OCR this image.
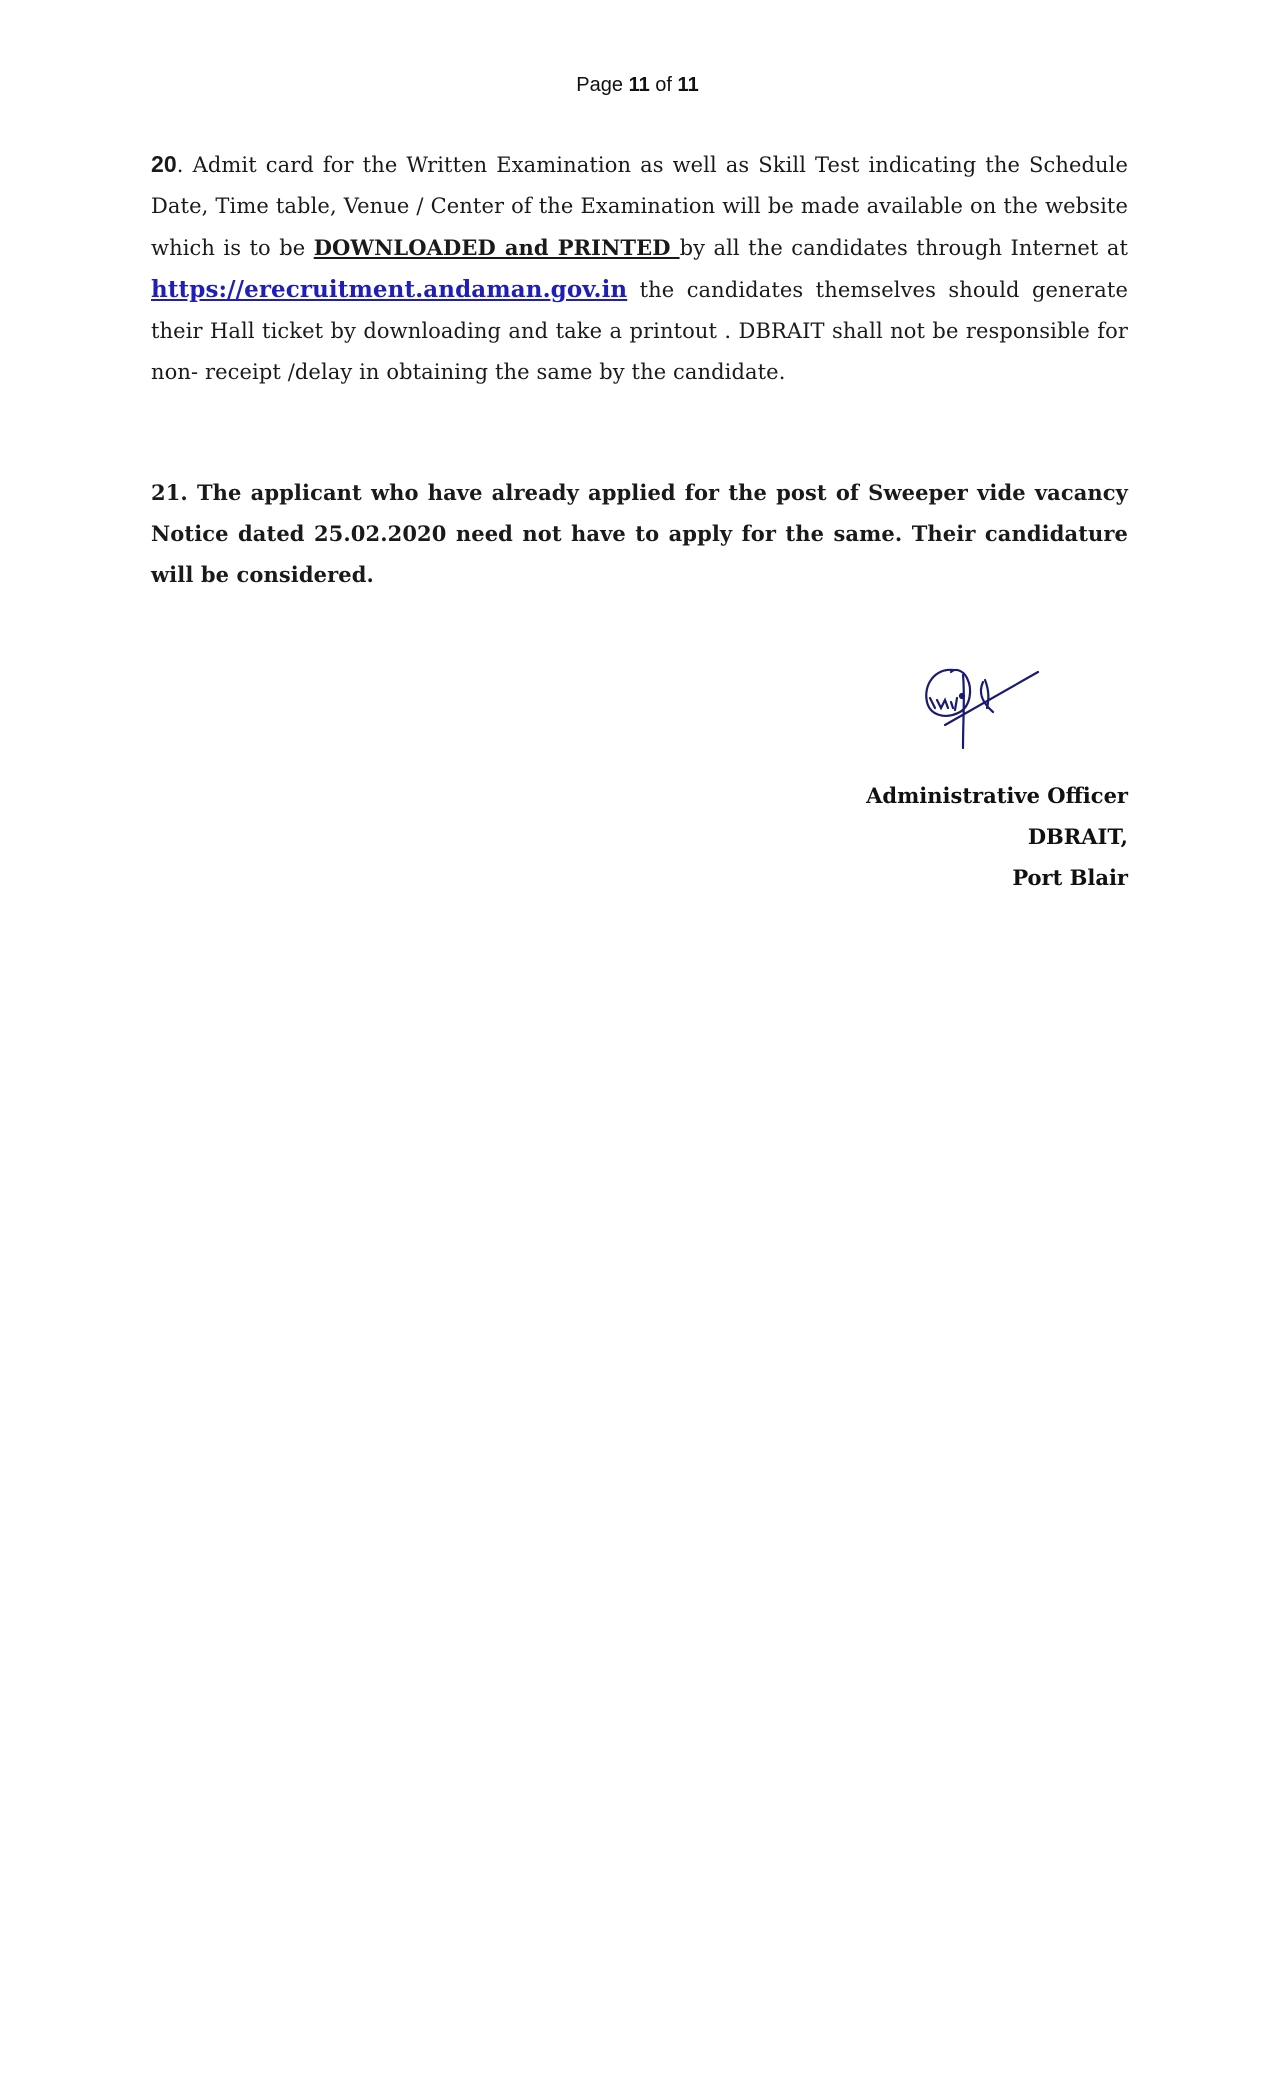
Page 11 of 11
20. Admit card for the Written Examination as well as Skill Test indicating the Schedule Date, Time table, Venue / Center of the Examination will be made available on the website which is to be DOWNLOADED and PRINTED by all the candidates through Internet at https://erecruitment.andaman.gov.in the candidates themselves should generate their Hall ticket by downloading and take a printout . DBRAIT shall not be responsible for non- receipt /delay in obtaining the same by the candidate.
21. The applicant who have already applied for the post of Sweeper vide vacancy Notice dated 25.02.2020 need not have to apply for the same. Their candidature will be considered.
Administrative Officer
DBRAIT,
Port Blair
